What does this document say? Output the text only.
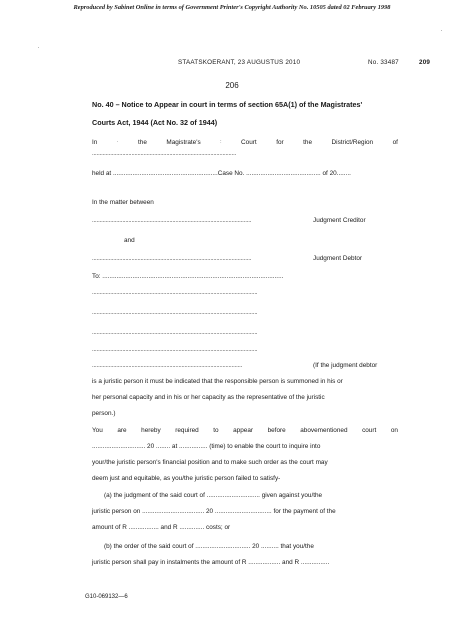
Reproduced by Sabinet Online in terms of Government Printer's Copyright Authority No. 10505 dated 02 February 1998
STAATSKOERANT, 23 AUGUSTUS 2010	No. 33487	209
206
No. 40 – Notice to Appear in court in terms of section 65A(1) of the Magistrates'
Courts Act, 1944 (Act No. 32 of 1944)
In	·	the	Magistrate's	:	Court	for	the	District/Region	of
...............................................................................................
held at ...........................................................Case No. .......................................... of 20........
In the matter between
.........................................................................................................	Judgment Creditor
and
.........................................................................................................	Judgment Debtor
To: ......................................................................................................
.............................................................................................................
.............................................................................................................
.............................................................................................................
.............................................................................................................
...................................................................................................	(If the judgment debtor
is a juristic person it must be indicated that the responsible person is summoned in his or
her personal capacity and in his or her capacity as the representative of the juristic
person.)
You are hereby required to appear before abovementioned court on
.............................. 20 ........ at ................ (time) to enable the court to inquire into
your/the juristic person's financial position and to make such order as the court may
deem just and equitable, as you/the juristic person failed to satisfy-
(a) the judgment of the said court of .............................. given against you/the
juristic person on ................................... 20 ................................ for the payment of the
amount of R ................. and R .............. costs; or
(b) the order of the said court of ............................... 20 .......... that you/the
juristic person shall pay in instalments the amount of R .................. and R ................
G10-069132—6
